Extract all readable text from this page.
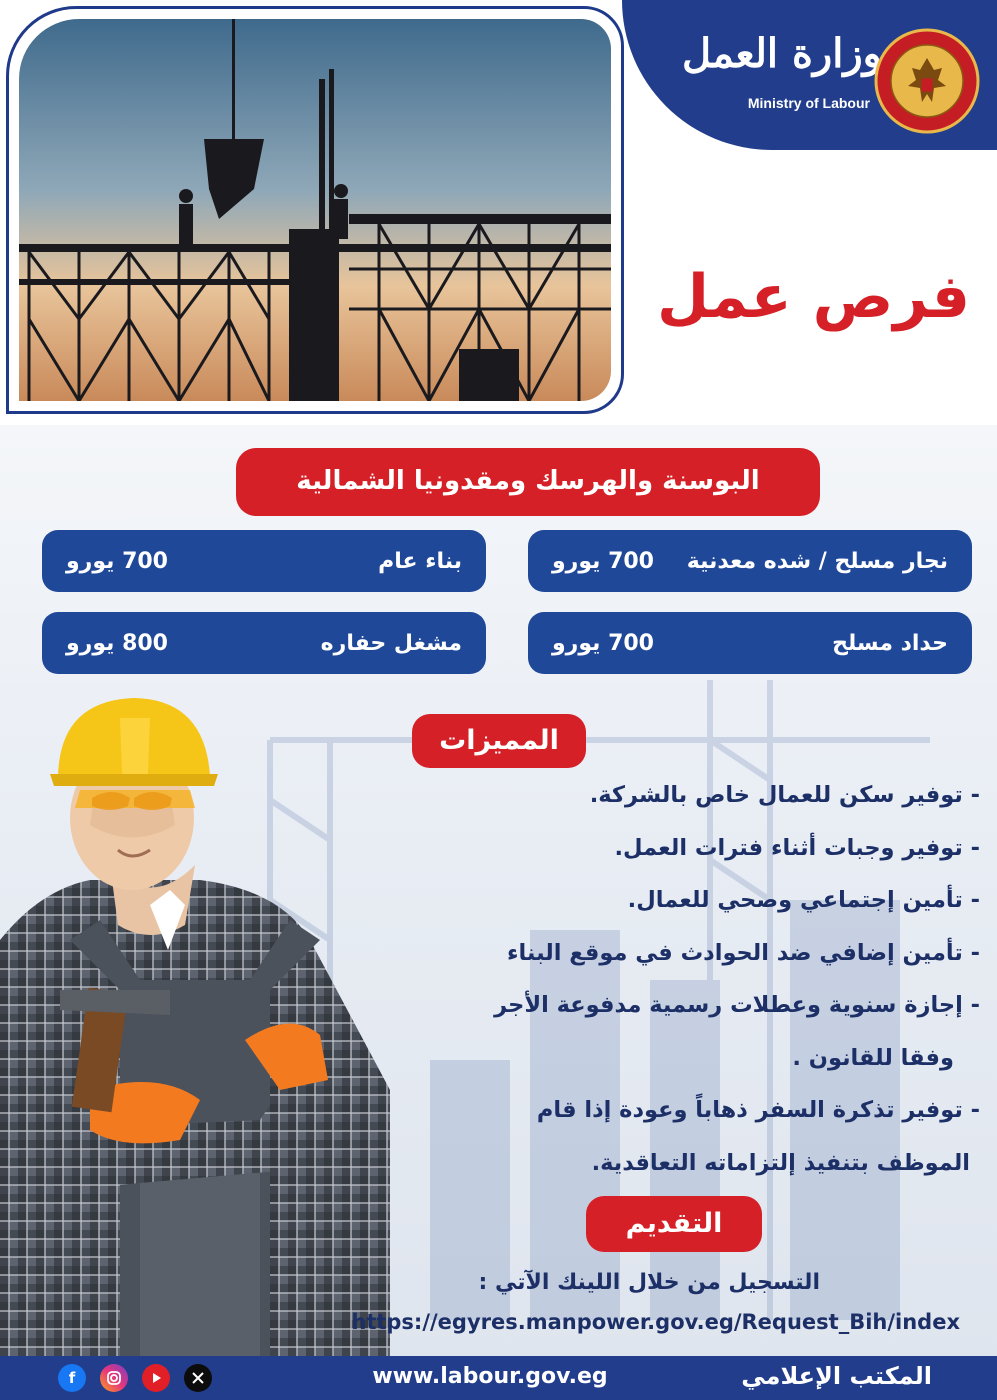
وزارة العمل
Ministry of Labour
فرص عمل
البوسنة والهرسك ومقدونيا الشمالية
نجار مسلح / شده معدنية
700 يورو
بناء عام
700 يورو
حداد مسلح
700 يورو
مشغل حفاره
800 يورو
المميزات
- توفير سكن للعمال خاص بالشركة.
- توفير وجبات أثناء فترات العمل.
- تأمين إجتماعي وصحي للعمال.
- تأمين إضافي ضد الحوادث في موقع البناء
- إجازة سنوية وعطلات رسمية مدفوعة الأجر
وفقا للقانون .
- توفير تذكرة السفر ذهاباً وعودة إذا قام
الموظف بتنفيذ إلتزاماته التعاقدية.
التقديم
التسجيل من خلال اللينك الآتي :
https://egyres.manpower.gov.eg/Request_Bih/index
f	www.labour.gov.eg	المكتب الإعلامي
